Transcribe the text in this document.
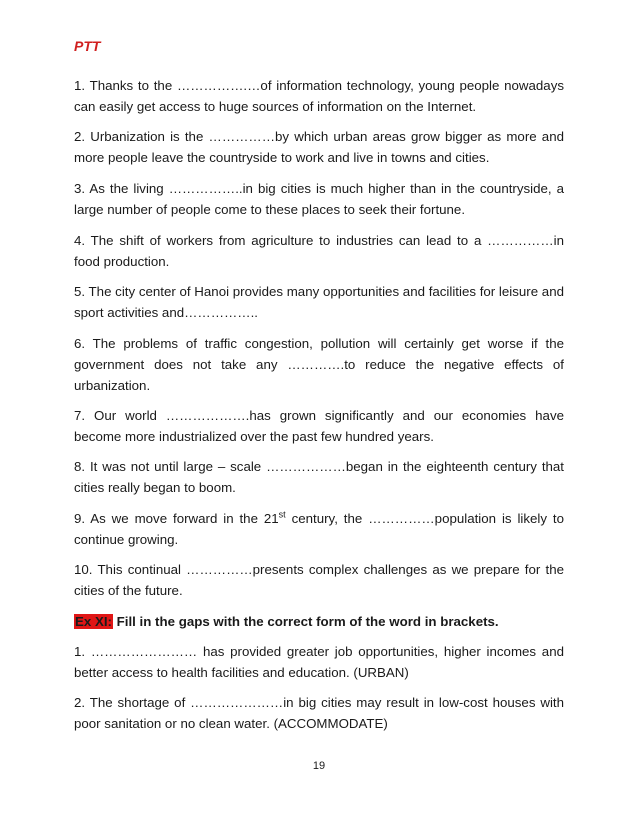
PTT

1. Thanks to the …………….…of information technology, young people nowadays can easily get access to huge sources of information on the Internet.

2. Urbanization is the ……………by which urban areas grow bigger as more and more people leave the countryside to work and live in towns and cities.

3. As the living ……………..in big cities is much higher than in the countryside, a large number of people come to these places to seek their fortune.

4. The shift of workers from agriculture to industries can lead to a ……………in food production.

5. The city center of Hanoi provides many opportunities and facilities for leisure and sport activities and……………..

6. The problems of traffic congestion, pollution will certainly get worse if the government does not take any ………….to reduce the negative effects of urbanization.

7. Our world ……………….has grown significantly and our economies have become more industrialized over the past few hundred years.

8. It was not until large – scale ………………began in the eighteenth century that cities really began to boom.

9. As we move forward in the 21st century, the ……………population is likely to continue growing.

10. This continual ……………presents complex challenges as we prepare for the cities of the future.

Ex XI: Fill in the gaps with the correct form of the word in brackets.

1. …………………… has provided greater job opportunities, higher incomes and better access to health facilities and education. (URBAN)

2. The shortage of …………………in big cities may result in low-cost houses with poor sanitation or no clean water. (ACCOMMODATE)

19
